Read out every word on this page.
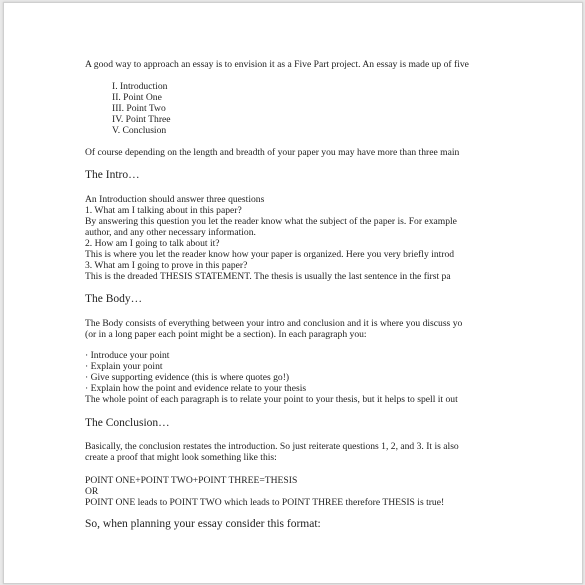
A good way to approach an essay is to envision it as a Five Part project. An essay is made up of five
I. Introduction
II. Point One
III. Point Two
IV. Point Three
V. Conclusion
Of course depending on the length and breadth of your paper you may have more than three main
The Intro…
An Introduction should answer three questions
1. What am I talking about in this paper?
By answering this question you let the reader know what the subject of the paper is. For example
author, and any other necessary information.
2. How am I going to talk about it?
This is where you let the reader know how your paper is organized. Here you very briefly introd
3. What am I going to prove in this paper?
This is the dreaded THESIS STATEMENT. The thesis is usually the last sentence in the first pa
The Body…
The Body consists of everything between your intro and conclusion and it is where you discuss yo
(or in a long paper each point might be a section). In each paragraph you:
· Introduce your point
· Explain your point
· Give supporting evidence (this is where quotes go!)
· Explain how the point and evidence relate to your thesis
The whole point of each paragraph is to relate your point to your thesis, but it helps to spell it out
The Conclusion…
Basically, the conclusion restates the introduction. So just reiterate questions 1, 2, and 3. It is also
create a proof that might look something like this:
POINT ONE+POINT TWO+POINT THREE=THESIS
OR
POINT ONE leads to POINT TWO which leads to POINT THREE therefore THESIS is true!
So, when planning your essay consider this format:
